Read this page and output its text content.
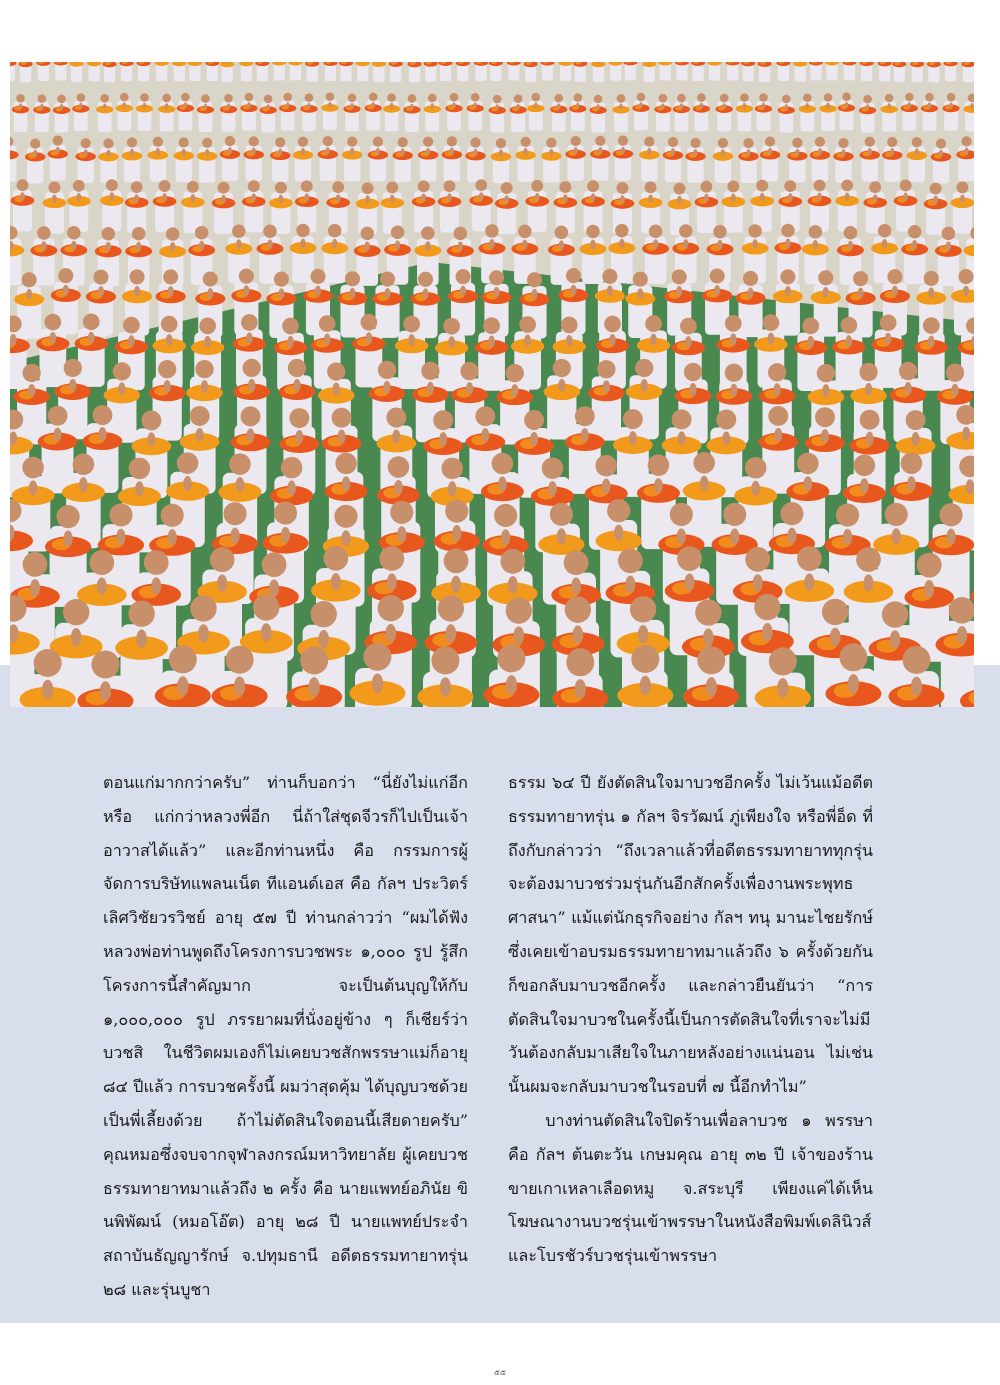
ตอนแก่มากกว่าครับ” ท่านก็บอกว่า “นี่ยังไม่แก่อีกหรือ แก่กว่าหลวงพี่อีก นี่ถ้าใส่ชุดจีวรก็ไปเป็นเจ้าอาวาสได้แล้ว” และอีกท่านหนึ่ง คือ กรรมการผู้จัดการบริษัทแพลนเน็ต ทีแอนด์เอส คือ กัลฯ ประวิตร์ เลิศวิชัยวรวิชย์ อายุ ๕๗ ปี ท่านกล่าวว่า “ผมได้ฟังหลวงพ่อท่านพูดถึงโครงการบวชพระ ๑,๐๐๐ รูป รู้สึกโครงการนี้สำคัญมาก จะเป็นต้นบุญให้กับ ๑,๐๐๐,๐๐๐ รูป ภรรยาผมที่นั่งอยู่ข้าง ๆ ก็เชียร์ว่า บวชสิ ในชีวิตผมเองก็ไม่เคยบวชสักพรรษาแม่ก็อายุ ๘๔ ปีแล้ว การบวชครั้งนี้ ผมว่าสุดคุ้ม ได้บุญบวชด้วย เป็นพี่เลี้ยงด้วย ถ้าไม่ตัดสินใจตอนนี้เสียดายครับ” คุณหมอซึ่งจบจากจุฬาลงกรณ์มหาวิทยาลัย ผู้เคยบวชธรรมทายาทมาแล้วถึง ๒ ครั้ง คือ นายแพทย์อภินัย ขินพิพัฒน์ (หมอโอ๊ต) อายุ ๒๘ ปี นายแพทย์ประจำสถาบันธัญญารักษ์ จ.ปทุมธานี อดีตธรรมทายาทรุ่น ๒๘ และรุ่นบูชา

ธรรม ๖๔ ปี ยังตัดสินใจมาบวชอีกครั้ง ไม่เว้นแม้อดีตธรรมทายาทรุ่น ๑ กัลฯ จิรวัฒน์ ภู่เพียงใจ หรือพี่อ็ด ที่ถึงกับกล่าวว่า “ถึงเวลาแล้วที่อดีตธรรมทายาททุกรุ่นจะต้องมาบวชร่วมรุ่นกันอีกสักครั้งเพื่องานพระพุทธศาสนา” แม้แต่นักธุรกิจอย่าง กัลฯ ทนุ มานะไชยรักษ์ ซึ่งเคยเข้าอบรมธรรมทายาทมาแล้วถึง ๖ ครั้งด้วยกัน ก็ขอกลับมาบวชอีกครั้ง และกล่าวยืนยันว่า “การตัดสินใจมาบวชในครั้งนี้เป็นการตัดสินใจที่เราจะไม่มีวันต้องกลับมาเสียใจในภายหลังอย่างแน่นอน ไม่เช่นนั้นผมจะกลับมาบวชในรอบที่ ๗ นี้อีกทำไม”

บางท่านตัดสินใจปิดร้านเพื่อลาบวช ๑ พรรษา คือ กัลฯ ต้นตะวัน เกษมคุณ อายุ ๓๒ ปี เจ้าของร้านขายเกาเหลาเลือดหมู จ.สระบุรี เพียงแค่ได้เห็นโฆษณางานบวชรุ่นเข้าพรรษาในหนังสือพิมพ์เดลินิวส์ และโบรชัวร์บวชรุ่นเข้าพรรษา

๕๕
